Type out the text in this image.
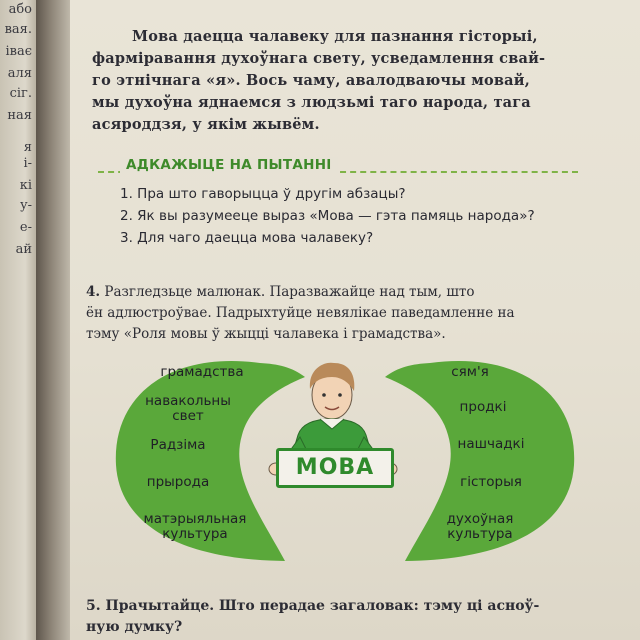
або
вая.
іває
аля
сіг.
ная
я
і-
кі
у-
е-
ай
Мова даецца чалавеку для пазнання гісторыі,
фарміравання духоўнага свету, усведамлення свай-
го этнічнага «я». Вось чаму, авалодваючы мовай,
мы духоўна яднаемся з людзьмі таго народа, тага
асяроддзя, у якім жывём.
АДКАЖЫЦЕ НА ПЫТАННІ
1. Пра што гаворыцца ў другім абзацы?
2. Як вы разумееце выраз «Мова — гэта памяць народа»?
3. Для чаго даецца мова чалавеку?
4. Разгледзьце малюнак. Паразважайце над тым, што
ён адлюстроўвае. Падрыхтуйце невялікае паведамленне на
тэму «Роля мовы ў жыцці чалавека і грамадства».
МОВА
грамадства
навакольны свет
Радзіма
прырода
матэрыяльная культура
сям'я
продкі
нашчадкі
гісторыя
духоўная культура
5. Прачытайце. Што перадае загаловак: тэму ці асноў-
ную думку?
